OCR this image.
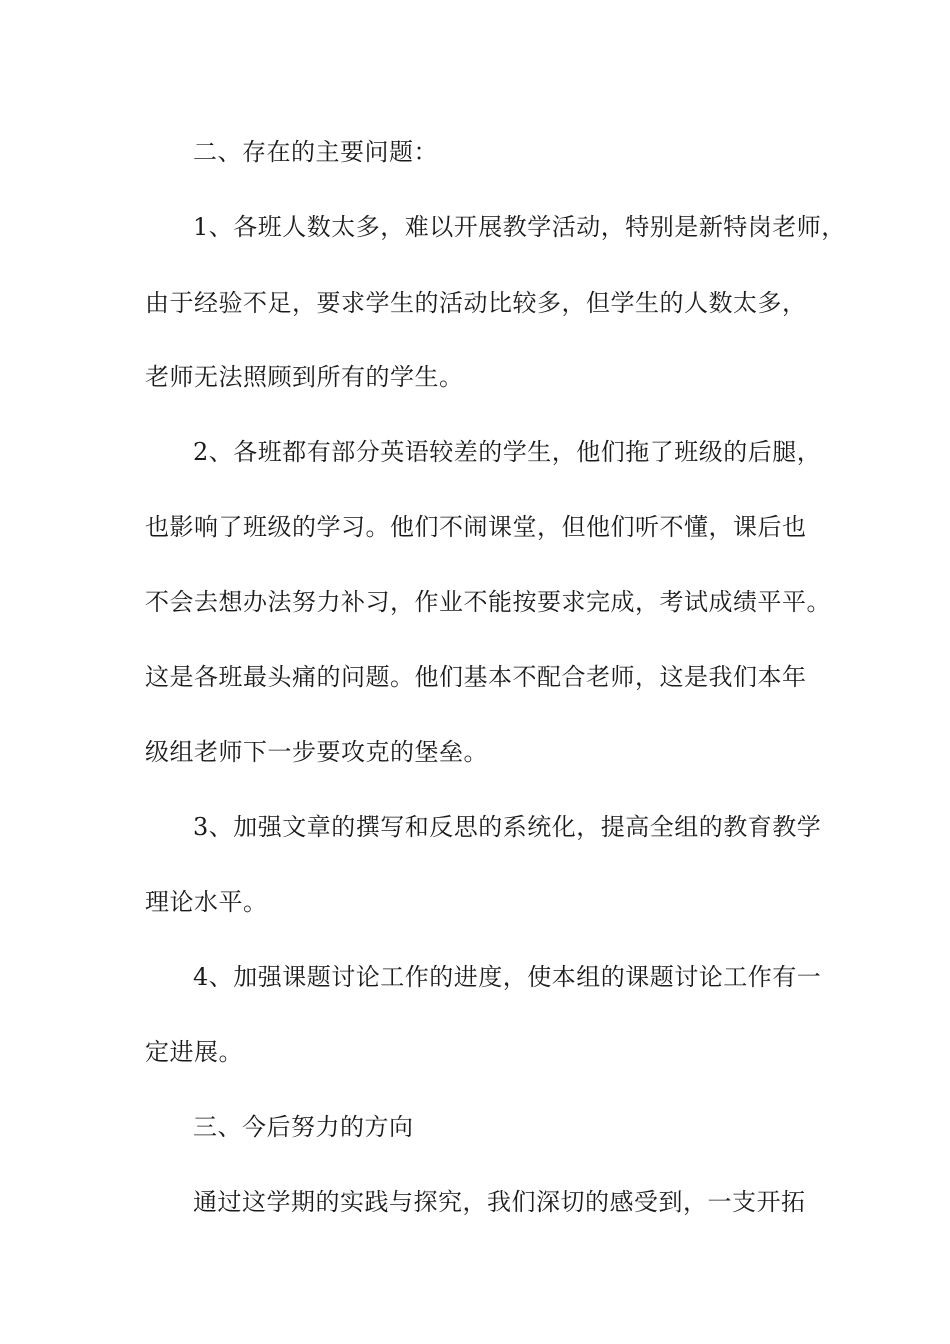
二、存在的主要问题：
1、各班人数太多，难以开展教学活动，特别是新特岗老师，
由于经验不足，要求学生的活动比较多，但学生的人数太多，
老师无法照顾到所有的学生。
2、各班都有部分英语较差的学生，他们拖了班级的后腿，
也影响了班级的学习。他们不闹课堂，但他们听不懂，课后也
不会去想办法努力补习，作业不能按要求完成，考试成绩平平。
这是各班最头痛的问题。他们基本不配合老师，这是我们本年
级组老师下一步要攻克的堡垒。
3、加强文章的撰写和反思的系统化，提高全组的教育教学
理论水平。
4、加强课题讨论工作的进度，使本组的课题讨论工作有一
定进展。
三、今后努力的方向
通过这学期的实践与探究，我们深切的感受到，一支开拓
